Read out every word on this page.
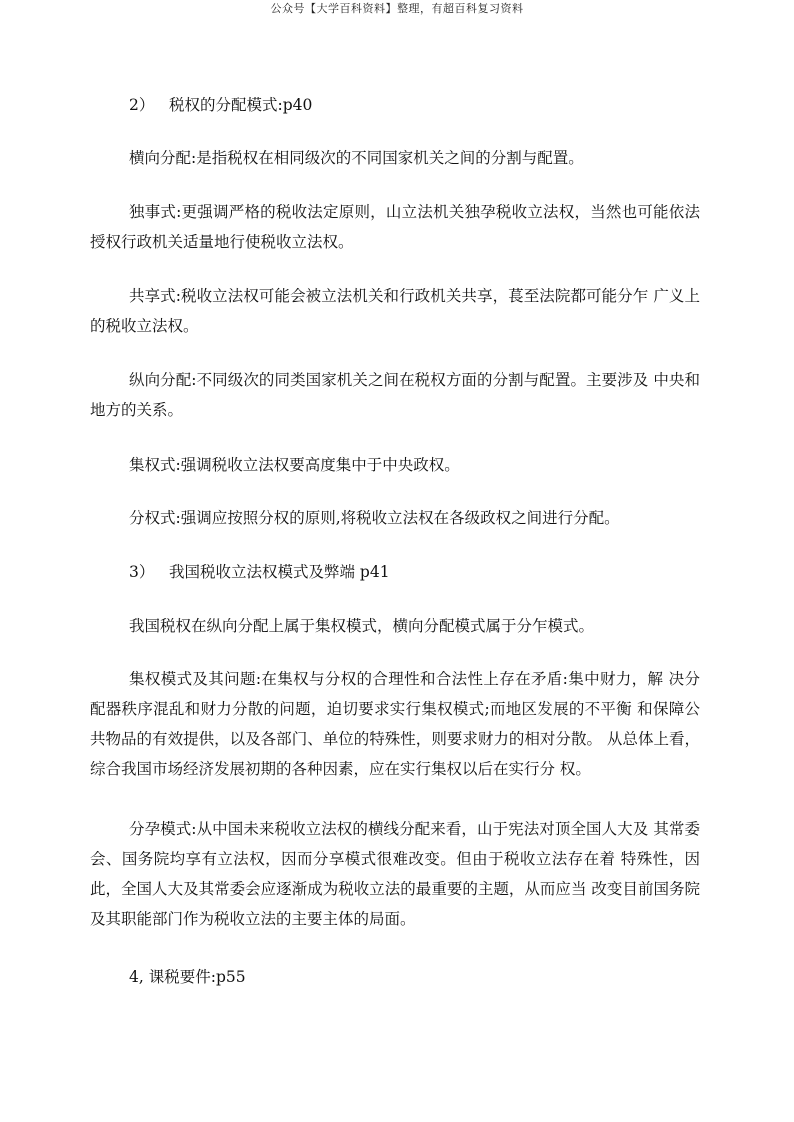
公众号【大学百科资料】整理，有超百科复习资料
2） 税权的分配模式:p40
横向分配:是指税权在相同级次的不同国家机关之间的分割与配置。
独事式:更强调严格的税收法定原则，山立法机关独孕税收立法权，当然也可能依法授权行政机关适量地行使税收立法权。
共享式:税收立法权可能会被立法机关和行政机关共享，萇至法院都可能分乍 广义上的税收立法权。
纵向分配:不同级次的同类国家机关之间在税权方面的分割与配置。主要涉及 中央和地方的关系。
集权式:强调税收立法权要高度集中于中央政权。
分权式:强调应按照分权的原则,将税收立法权在各级政权之间进行分配。
3） 我国税收立法权模式及弊端 p41
我国税权在纵向分配上属于集权模式，横向分配模式属于分乍模式。
集权模式及其问题:在集权与分权的合理性和合法性上存在矛盾:集中财力，解 决分配器秩序混乱和财力分散的问题，迫切要求实行集权模式;而地区发展的不平衡 和保障公共物品的有效提供，以及各部门、单位的特殊性，则要求财力的相对分散。 从总体上看，综合我国市场经济发展初期的各种因素，应在实行集权以后在实行分 权。
分孕模式:从中国未来税收立法权的横线分配来看，山于宪法对顶全国人大及 其常委会、国务院均享有立法权，因而分享模式很难改变。但由于税收立法存在着 特殊性，因此，全国人大及其常委会应逐渐成为税收立法的最重要的主题，从而应当 改变目前国务院及其职能部门作为税收立法的主要主体的局面。
4, 课税要件:p55
